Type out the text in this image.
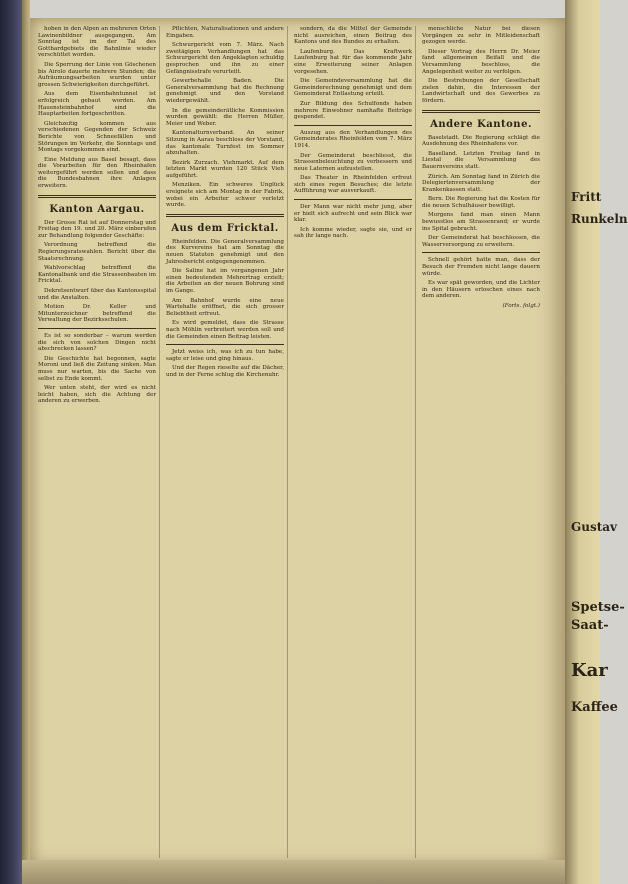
hoben in den Alpen an mehreren Orten Lawinenbildner ausgegangen. Am Sonntag ist im der Tal des Gotthardgebiets die Bahnlinie wieder verschüttet worden.

Die Sperrung der Linie von Göschenen bis Airolo dauerte mehrere Stunden; die Aufräumungsarbeiten wurden unter grossen Schwierigkeiten durchgeführt.

Aus dem Eisenbahntunnel ist erfolgreich gebaut worden. Am Hauensteinbahnhof sind die Hauptarbeiten fortgeschritten.

Gleichzeitig kommen aus verschiedenen Gegenden der Schweiz Berichte von Schneefällen und Störungen im Verkehr, die Sonntags und Montags vorgekommen sind.

Eine Meldung aus Basel besagt, dass die Vorarbeiten für den Rheinhafen weitergeführt werden sollen und dass die Bundesbahnen ihre Anlagen erweitern.

Kanton Aargau.

Der Grosse Rat ist auf Donnerstag und Freitag den 19. und 20. März einberufen zur Behandlung folgender Geschäfte:

Verordnung betreffend die Regierungsratswahlen. Bericht über die Staatsrechnung.

Wahlvorschlag betreffend die Kantonalbank und die Strassenbauten im Fricktal.

Dekretsentwurf über das Kantonsspital und die Anstalten.

Motion Dr. Keller und Mitunterzeichner betreffend die Verwaltung der Bezirksschulen.

Es ist so sonderbar – warum werden die sich von solchen Dingen nicht abschrecken lassen?

Die Geschichte hat begonnen, sagte Moroni und ließ die Zeitung sinken. Man muss nur warten, bis die Sache von selbst zu Ende kommt.

Wer unten steht, der wird es nicht leicht haben, sich die Achtung der anderen zu erwerben.

Pflichten, Naturalisationen und andere Eingaben.

Schwurgericht vom 7. März. Nach zweitägigen Verhandlungen hat das Schwurgericht den Angeklagten schuldig gesprochen und ihn zu einer Gefängnisstrafe verurteilt.

Gewerbehalle Baden. Die Generalversammlung hat die Rechnung genehmigt und den Vorstand wiedergewählt.

In die gemeinderätliche Kommission wurden gewählt: die Herren Müller, Meier und Weber.

Kantonalturnverband. An seiner Sitzung in Aarau beschloss der Vorstand, das kantonale Turnfest im Sommer abzuhalten.

Bezirk Zurzach. Viehmarkt. Auf dem letzten Markt wurden 120 Stück Vieh aufgeführt.

Menziken. Ein schweres Unglück ereignete sich am Montag in der Fabrik, wobei ein Arbeiter schwer verletzt wurde.

Aus dem Fricktal.

Rheinfelden. Die Generalversammlung des Kurvereins hat am Sonntag die neuen Statuten genehmigt und den Jahresbericht entgegengenommen.

Die Saline hat im vergangenen Jahr einen bedeutenden Mehrertrag erzielt; die Arbeiten an der neuen Bohrung sind im Gange.

Am Bahnhof wurde eine neue Wartehalle eröffnet, die sich grosser Beliebtheit erfreut.

Es wird gemeldet, dass die Strasse nach Möhlin verbreitert werden soll und die Gemeinden einen Beitrag leisten.

Jetzt weiss ich, was ich zu tun habe, sagte er leise und ging hinaus.

Und der Regen rieselte auf die Dächer, und in der Ferne schlug die Kirchenuhr.

sondern, da die Mittel der Gemeinde nicht ausreichen, einen Beitrag des Kantons und des Bundes zu erhalten.

Laufenburg. Das Kraftwerk Laufenburg hat für das kommende Jahr eine Erweiterung seiner Anlagen vorgesehen.

Die Gemeindeversammlung hat die Gemeinderechnung genehmigt und dem Gemeinderat Entlastung erteilt.

Zur Bildung des Schulfonds haben mehrere Einwohner namhafte Beiträge gespendet.

Auszug aus den Verhandlungen des Gemeinderates Rheinfelden vom 7. März 1914.

Der Gemeinderat beschliesst, die Strassenbeleuchtung zu verbessern und neue Laternen aufzustellen.

Das Theater in Rheinfelden erfreut sich eines regen Besuches; die letzte Aufführung war ausverkauft.

Der Mann war nicht mehr jung, aber er hielt sich aufrecht und sein Blick war klar.

Ich komme wieder, sagte sie, und er sah ihr lange nach.

menschliche Natur bei diesen Vorgängen zu sehr in Mitleidenschaft gezogen werde.

Dieser Vortrag des Herrn Dr. Meier fand allgemeinen Beifall und die Versammlung beschloss, die Angelegenheit weiter zu verfolgen.

Die Bestrebungen der Gesellschaft zielen dahin, die Interessen der Landwirtschaft und des Gewerbes zu fördern.

Andere Kantone.

Baselstadt. Die Regierung schlägt die Ausdehnung des Rheinhafens vor.

Baselland. Letzten Freitag fand in Liestal die Versammlung des Bauernvereins statt.

Zürich. Am Sonntag fand in Zürich die Delegiertenversammlung der Krankenkassen statt.

Bern. Die Regierung hat die Kosten für die neuen Schulhäuser bewilligt.

Morgens fand man einen Mann bewusstlos am Strassenrand; er wurde ins Spital gebracht.

Der Gemeinderat hat beschlossen, die Wasserversorgung zu erweitern.

Schnell gehört hatte man, dass der Besuch der Fremden nicht lange dauern würde.

Es war spät geworden, und die Lichter in den Häusern erloschen eines nach dem anderen.

(Forts. folgt.)

Fritt
Runkeln
Gustav
Spetse-
Saat-
Kar
Kaffee
